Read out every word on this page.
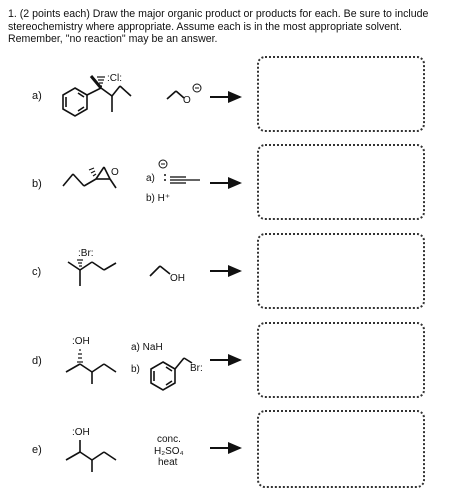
1. (2 points each) Draw the major organic product or products for each. Be sure to include
stereochemistry where appropriate. Assume each is in the most appropriate solvent.
Remember, "no reaction" may be an answer.
a)
b)
c)
d)
e)
:Cl:
O
O
a)
b) H⁺
:Br:
OH
:OH
a) NaH
b)	Br:
:OH
conc.
H₂SO₄
heat
